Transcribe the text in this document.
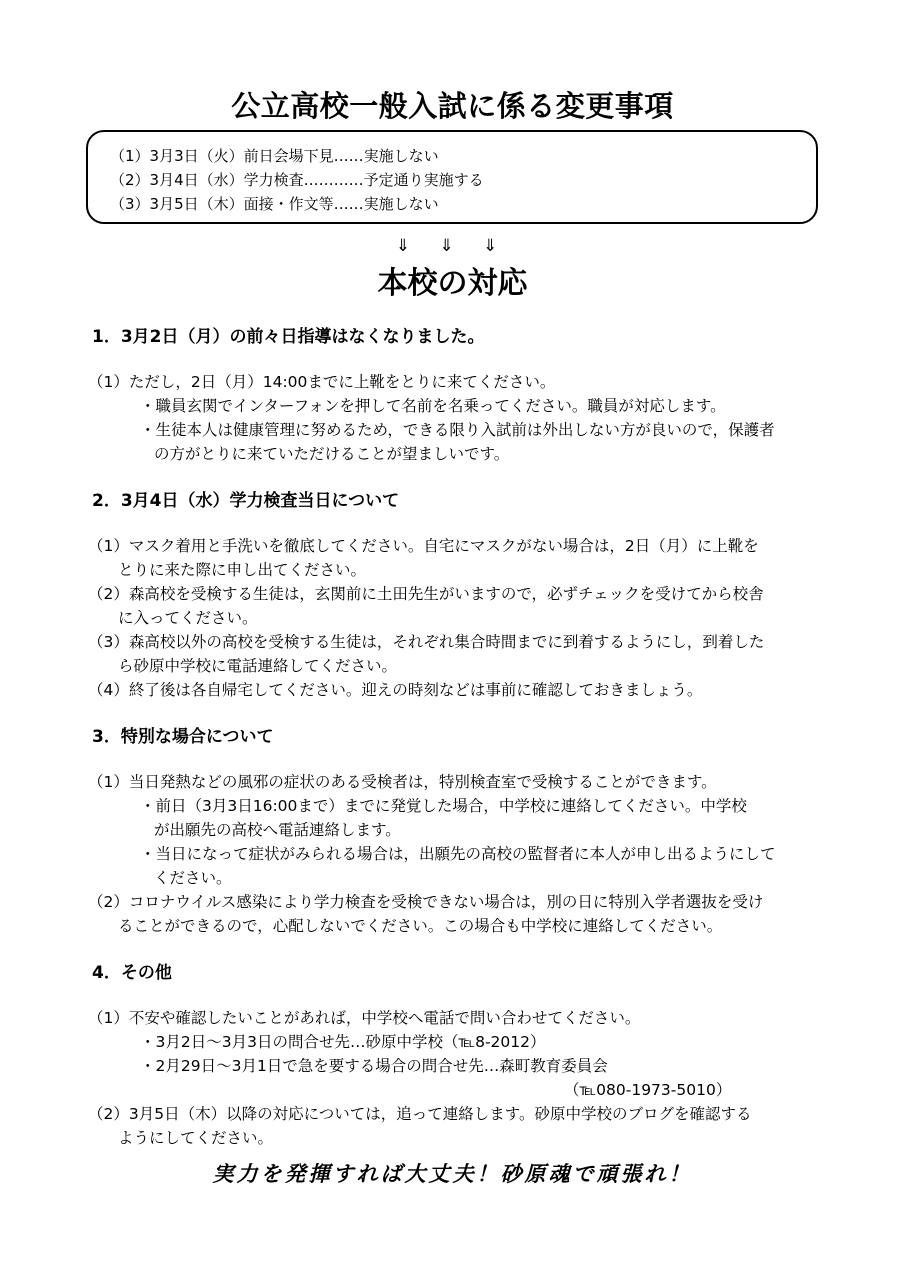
公立高校一般入試に係る変更事項
（1）3月3日（火）前日会場下見……実施しない
（2）3月4日（水）学力検査…………予定通り実施する
（3）3月5日（木）面接・作文等……実施しない
⇓ ⇓ ⇓
本校の対応
1．3月2日（月）の前々日指導はなくなりました。
（1）ただし，2日（月）14:00までに上靴をとりに来てください。
・職員玄関でインターフォンを押して名前を名乗ってください。職員が対応します。
・生徒本人は健康管理に努めるため，できる限り入試前は外出しない方が良いので，保護者
の方がとりに来ていただけることが望ましいです。
2．3月4日（水）学力検査当日について
（1）マスク着用と手洗いを徹底してください。自宅にマスクがない場合は，2日（月）に上靴を
とりに来た際に申し出てください。
（2）森高校を受検する生徒は，玄関前に土田先生がいますので，必ずチェックを受けてから校舎
に入ってください。
（3）森高校以外の高校を受検する生徒は，それぞれ集合時間までに到着するようにし，到着した
ら砂原中学校に電話連絡してください。
（4）終了後は各自帰宅してください。迎えの時刻などは事前に確認しておきましょう。
3．特別な場合について
（1）当日発熱などの風邪の症状のある受検者は，特別検査室で受検することができます。
・前日（3月3日16:00まで）までに発覚した場合，中学校に連絡してください。中学校
が出願先の高校へ電話連絡します。
・当日になって症状がみられる場合は，出願先の高校の監督者に本人が申し出るようにして
ください。
（2）コロナウイルス感染により学力検査を受検できない場合は，別の日に特別入学者選抜を受け
ることができるので，心配しないでください。この場合も中学校に連絡してください。
4．その他
（1）不安や確認したいことがあれば，中学校へ電話で問い合わせてください。
・3月2日～3月3日の問合せ先…砂原中学校（℡8-2012）
・2月29日～3月1日で急を要する場合の問合せ先…森町教育委員会
（℡080-1973-5010）
（2）3月5日（木）以降の対応については，追って連絡します。砂原中学校のブログを確認する
ようにしてください。
実力を発揮すれば大丈夫！砂原魂で頑張れ！
